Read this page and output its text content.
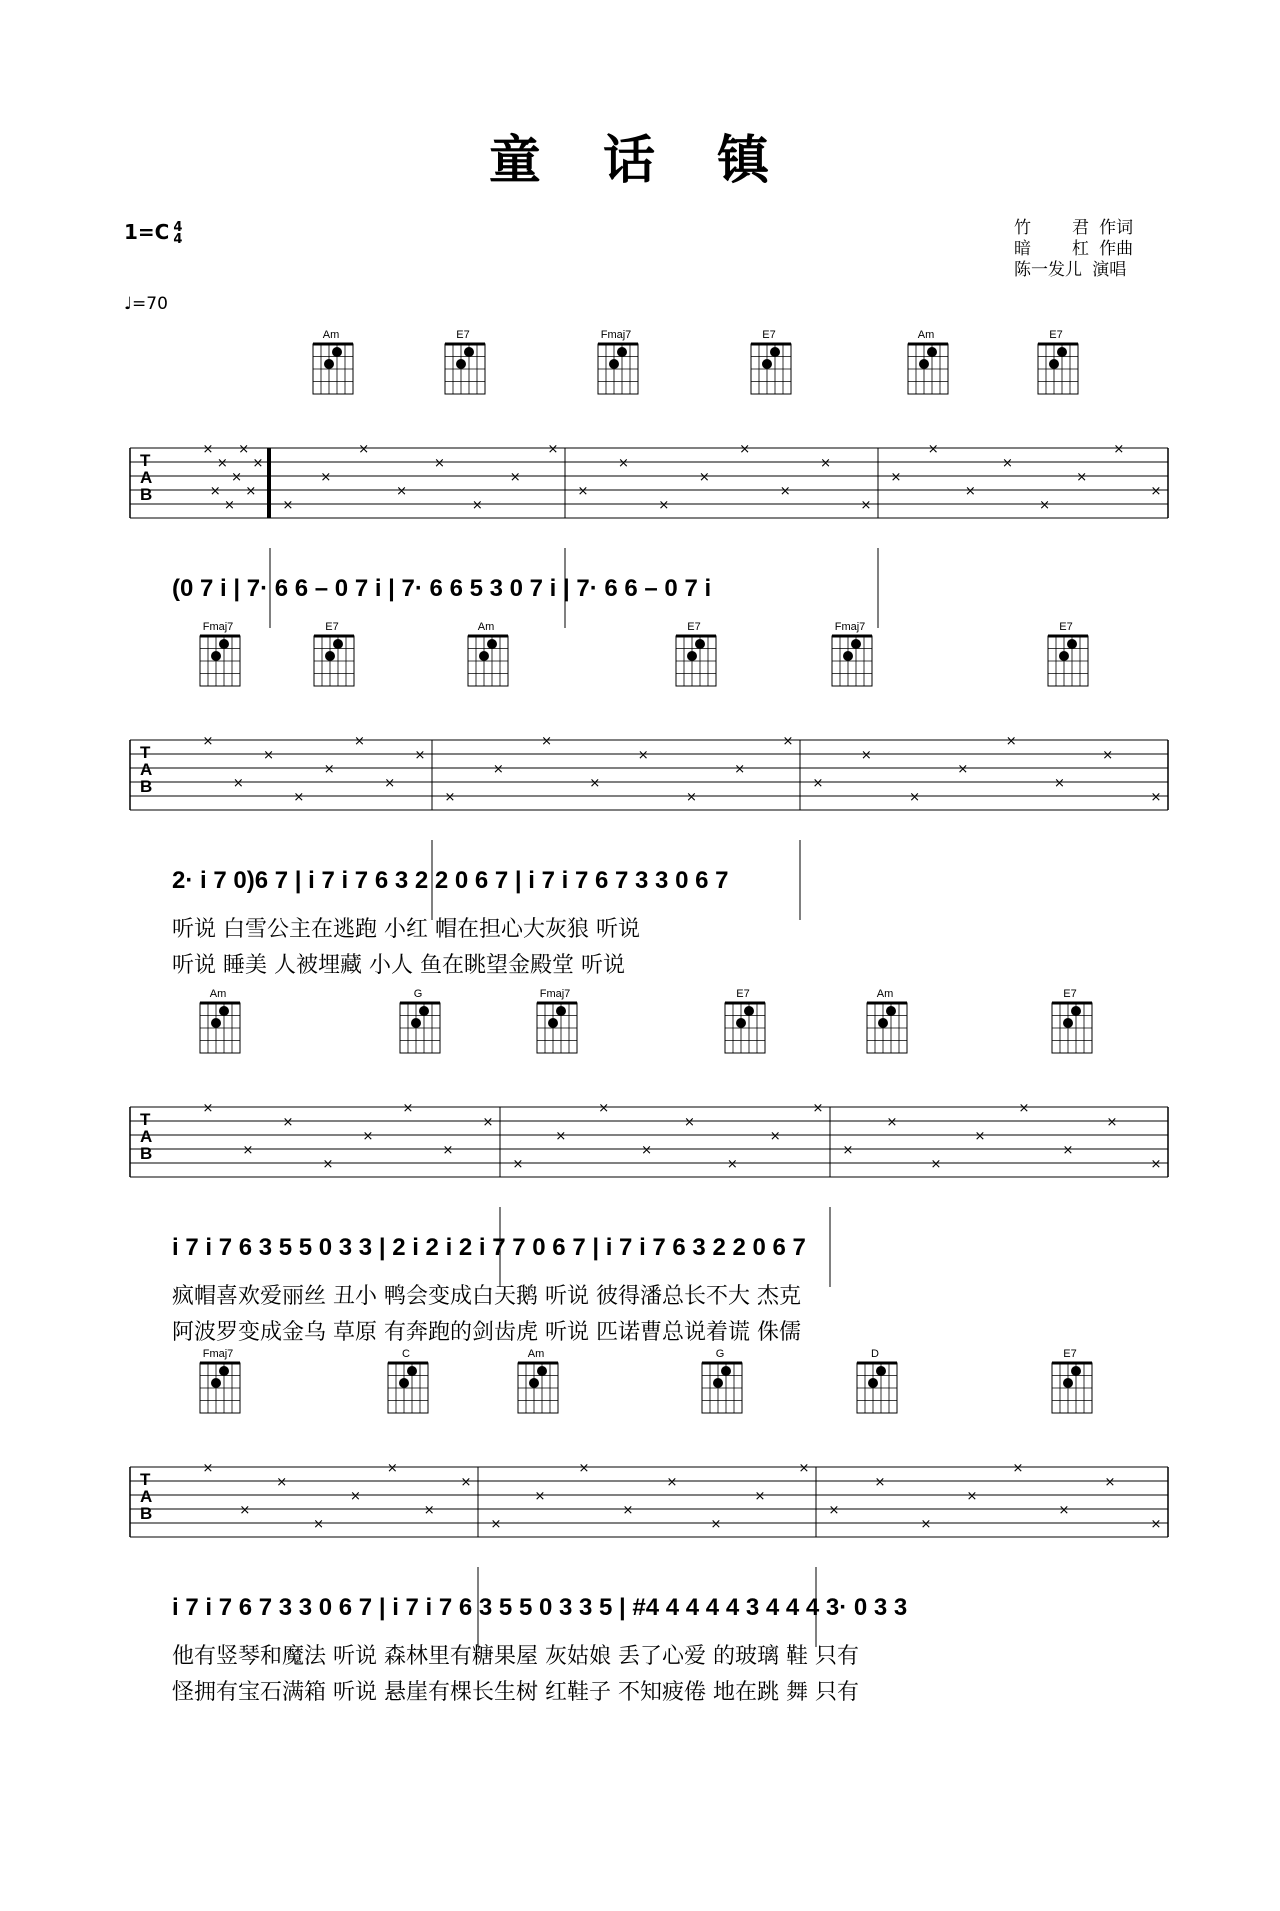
童 话 镇
1=C 4
4
♩=70
竹    君 作词
暗    杠 作曲
陈一发儿 演唱
Am	E7	Fmaj7	E7	Am	E7
T
A
B
×
×
×
×
×
×
×
×
×
×
×
×
×
×
×
×
×
×
×
×
×
×
×
×
×
×
×
×
×
×
×
×
(0 7 i | 7· 6 6 – 0 7 i | 7· 6 6 5 3 0 7 i | 7· 6 6 – 0 7 i
Fmaj7	E7	Am	E7	Fmaj7	E7
T
A
B
×
×
×
×
×
×
×
×
×
×
×
×
×
×
×
×
×
×
×
×
×
×
×
×
2· i 7 0)6 7 | i 7 i 7 6 3 2 2 0 6 7 | i 7 i 7 6 7 3 3 0 6 7
听说 白雪公主在逃跑 小红 帽在担心大灰狼 听说
听说 睡美 人被埋藏 小人 鱼在眺望金殿堂 听说
Am	G	Fmaj7	E7	Am	E7
T
A
B
×
×
×
×
×
×
×
×
×
×
×
×
×
×
×
×
×
×
×
×
×
×
×
×
i 7 i 7 6 3 5 5 0 3 3 | 2 i 2 i 2 i 7 7 0 6 7 | i 7 i 7 6 3 2 2 0 6 7
疯帽喜欢爱丽丝 丑小 鸭会变成白天鹅 听说 彼得潘总长不大 杰克
阿波罗变成金乌 草原 有奔跑的剑齿虎 听说 匹诺曹总说着谎 侏儒
Fmaj7	C	Am	G	D	E7
T
A
B
×
×
×
×
×
×
×
×
×
×
×
×
×
×
×
×
×
×
×
×
×
×
×
×
i 7 i 7 6 7 3 3 0 6 7 | i 7 i 7 6 3 5 5 0 3 3 5 | #4 4 4 4 4 3 4 4 4 3· 0 3 3
他有竖琴和魔法 听说 森林里有糖果屋 灰姑娘 丢了心爱 的玻璃 鞋 只有
怪拥有宝石满箱 听说 悬崖有棵长生树 红鞋子 不知疲倦 地在跳 舞 只有
